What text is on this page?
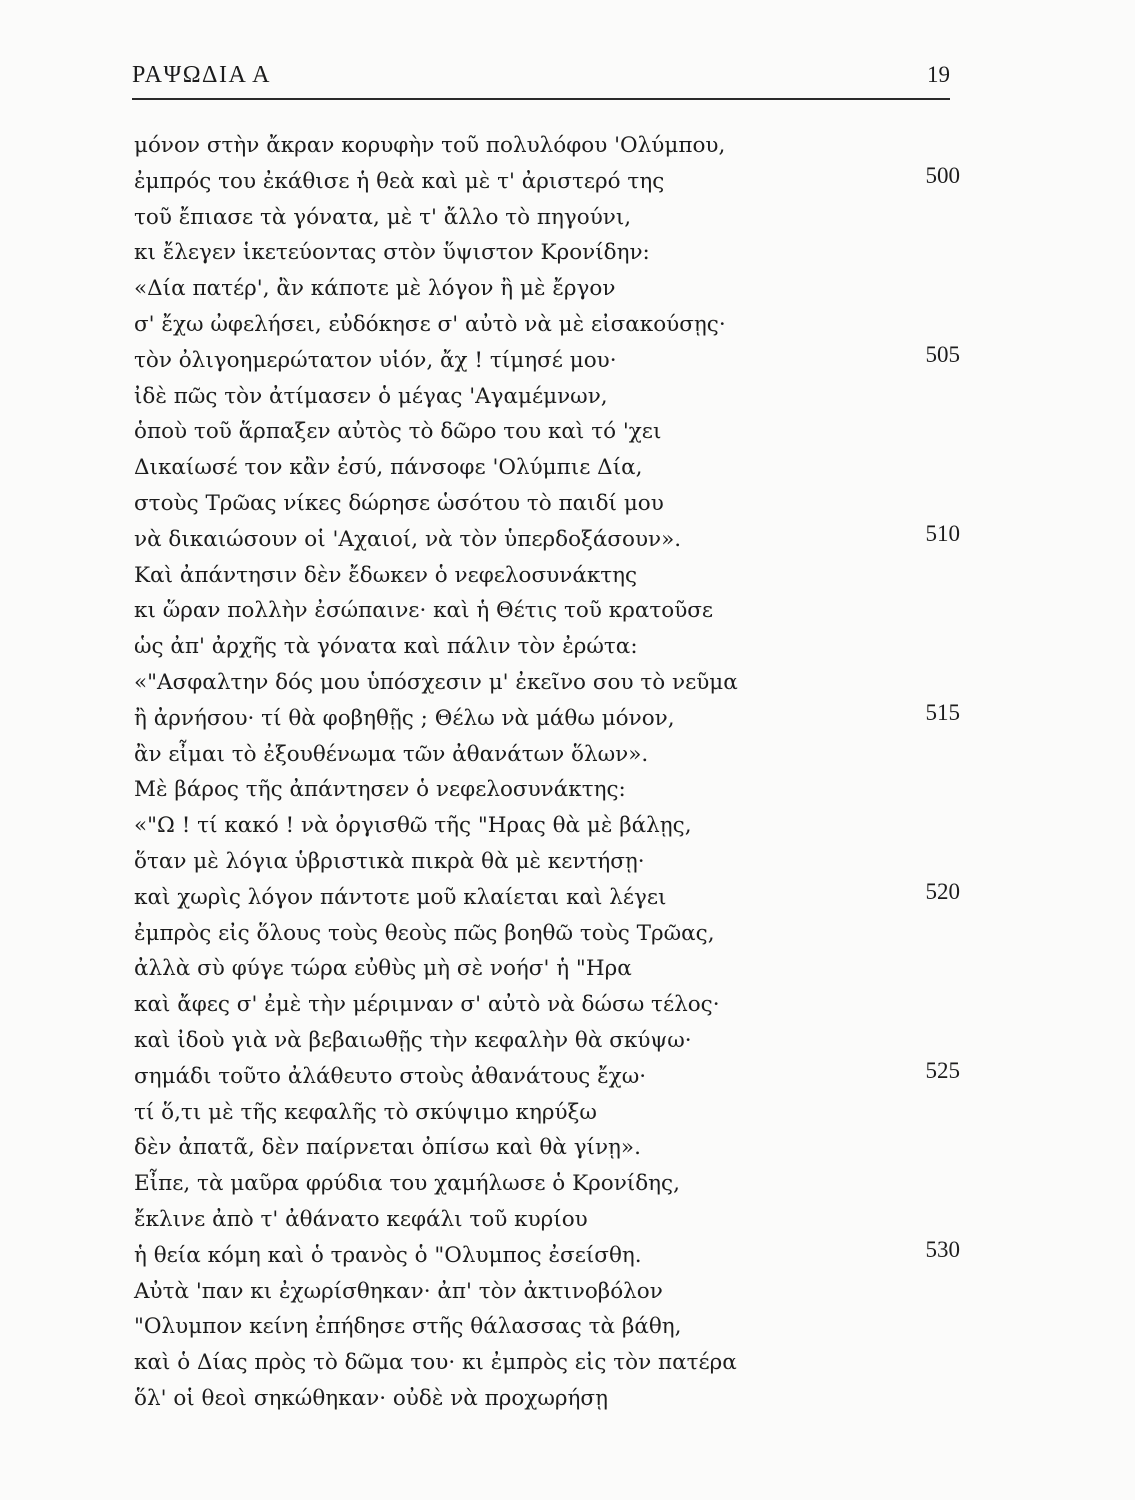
ΡΑΨΩΔΙΑ Α	19
μόνον στὴν ἄκραν κορυφὴν τοῦ πολυλόφου 'Ολύμπου,
ἐμπρός του ἐκάθισε ἡ θεὰ καὶ μὲ τ' ἀριστερό της	500
τοῦ ἔπιασε τὰ γόνατα, μὲ τ' ἄλλο τὸ πηγούνι,
κι ἔλεγεν ἱκετεύοντας στὸν ὕψιστον Κρονίδην:
«Δία πατέρ', ἂν κάποτε μὲ λόγον ἢ μὲ ἔργον
σ' ἔχω ὠφελήσει, εὐδόκησε σ' αὐτὸ νὰ μὲ εἰσακούσῃς·
τὸν ὀλιγοημερώτατον υἱόν, ἄχ ! τίμησέ μου·	505
ἰδὲ πῶς τὸν ἀτίμασεν ὁ μέγας 'Αγαμέμνων,
ὁποὺ τοῦ ἅρπαξεν αὐτὸς τὸ δῶρο του καὶ τό 'χει
Δικαίωσέ τον κἂν ἐσύ, πάνσοφε 'Ολύμπιε Δία,
στοὺς Τρῶας νίκες δώρησε ὡσότου τὸ παιδί μου
νὰ δικαιώσουν οἱ 'Αχαιοί, νὰ τὸν ὑπερδοξάσουν».	510
Καὶ ἀπάντησιν δὲν ἔδωκεν ὁ νεφελοσυνάκτης
κι ὥραν πολλὴν ἐσώπαινε· καὶ ἡ Θέτις τοῦ κρατοῦσε
ὡς ἀπ' ἀρχῆς τὰ γόνατα καὶ πάλιν τὸν ἐρώτα:
«"Ασφαλτην δός μου ὑπόσχεσιν μ' ἐκεῖνο σου τὸ νεῦμα
ἢ ἀρνήσου· τί θὰ φοβηθῇς ; Θέλω νὰ μάθω μόνον,	515
ἂν εἶμαι τὸ ἐξουθένωμα τῶν ἀθανάτων ὅλων».
Μὲ βάρος τῆς ἀπάντησεν ὁ νεφελοσυνάκτης:
«"Ω ! τί κακό ! νὰ ὀργισθῶ τῆς "Ηρας θὰ μὲ βάλῃς,
ὅταν μὲ λόγια ὑβριστικὰ πικρὰ θὰ μὲ κεντήσῃ·
καὶ χωρὶς λόγον πάντοτε μοῦ κλαίεται καὶ λέγει	520
ἐμπρὸς εἰς ὅλους τοὺς θεοὺς πῶς βοηθῶ τοὺς Τρῶας,
ἀλλὰ σὺ φύγε τώρα εὐθὺς μὴ σὲ νοήσ' ἡ "Ηρα
καὶ ἄφες σ' ἐμὲ τὴν μέριμναν σ' αὐτὸ νὰ δώσω τέλος·
καὶ ἰδοὺ γιὰ νὰ βεβαιωθῇς τὴν κεφαλὴν θὰ σκύψω·
σημάδι τοῦτο ἀλάθευτο στοὺς ἀθανάτους ἔχω·	525
τί ὅ,τι μὲ τῆς κεφαλῆς τὸ σκύψιμο κηρύξω
δὲν ἀπατᾶ, δὲν παίρνεται ὀπίσω καὶ θὰ γίνῃ».
Εἶπε, τὰ μαῦρα φρύδια του χαμήλωσε ὁ Κρονίδης,
ἔκλινε ἀπὸ τ' ἀθάνατο κεφάλι τοῦ κυρίου
ἡ θεία κόμη καὶ ὁ τρανὸς ὁ "Ολυμπος ἐσείσθη.	530
Αὐτὰ 'παν κι ἐχωρίσθηκαν· ἀπ' τὸν ἀκτινοβόλον
"Ολυμπον κείνη ἐπήδησε στῆς θάλασσας τὰ βάθη,
καὶ ὁ Δίας πρὸς τὸ δῶμα του· κι ἐμπρὸς εἰς τὸν πατέρα
ὅλ' οἱ θεοὶ σηκώθηκαν· οὐδὲ νὰ προχωρήσῃ
